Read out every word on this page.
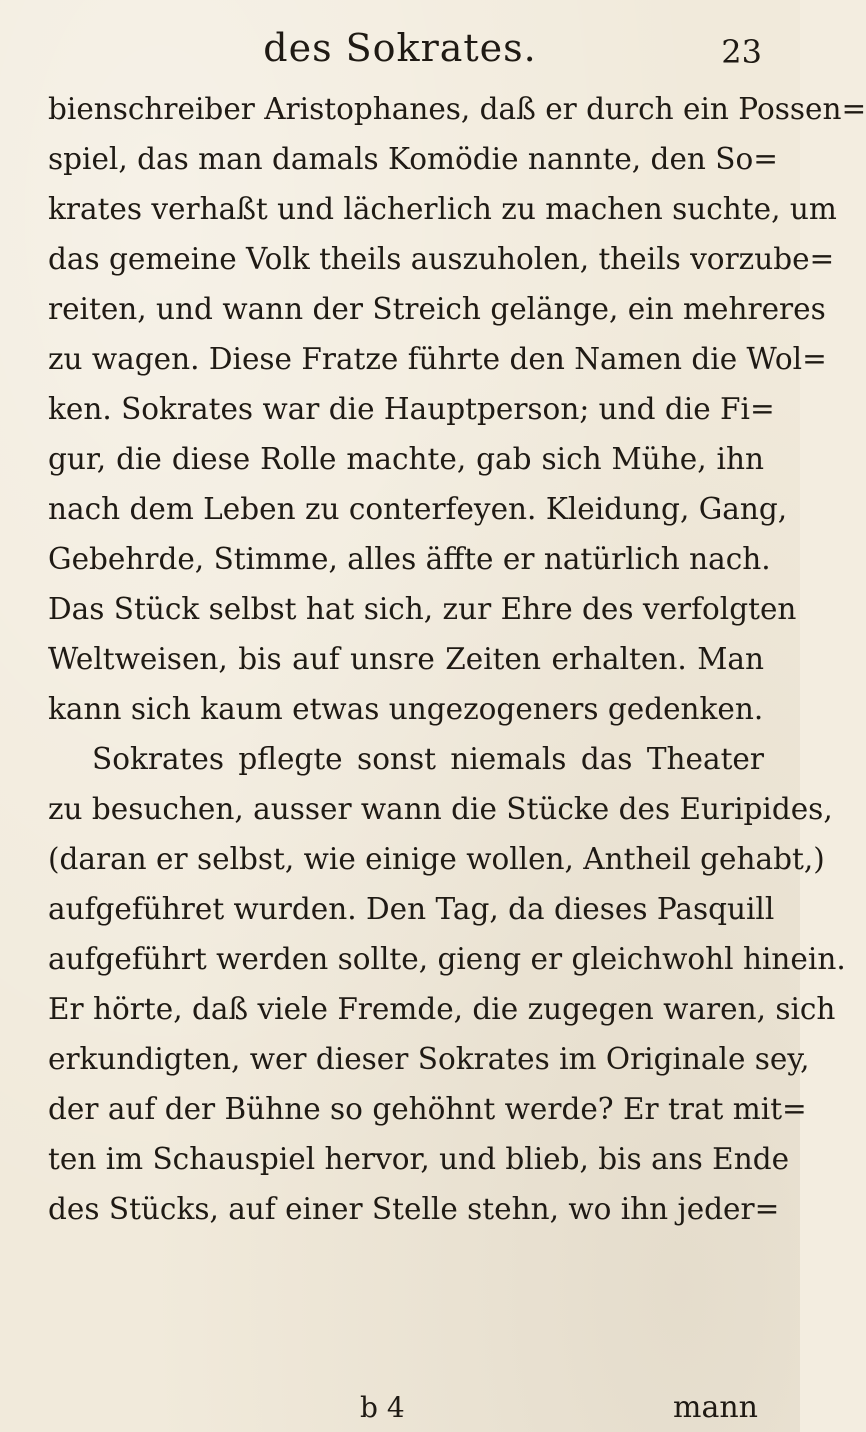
des Sokrates.	23
bienschreiber Aristophanes, daß er durch ein Possen=
spiel, das man damals Komödie nannte, den So=
krates verhaßt und lächerlich zu machen suchte, um
das gemeine Volk theils auszuholen, theils vorzube=
reiten, und wann der Streich gelänge, ein mehreres
zu wagen. Diese Fratze führte den Namen die Wol=
ken. Sokrates war die Hauptperson; und die Fi=
gur, die diese Rolle machte, gab sich Mühe, ihn
nach dem Leben zu conterfeyen. Kleidung, Gang,
Gebehrde, Stimme, alles äffte er natürlich nach.
Das Stück selbst hat sich, zur Ehre des verfolgten
Weltweisen, bis auf unsre Zeiten erhalten. Man
kann sich kaum etwas ungezogeners gedenken.
Sokrates pflegte sonst niemals das Theater
zu besuchen, ausser wann die Stücke des Euripides,
(daran er selbst, wie einige wollen, Antheil gehabt,)
aufgeführet wurden. Den Tag, da dieses Pasquill
aufgeführt werden sollte, gieng er gleichwohl hinein.
Er hörte, daß viele Fremde, die zugegen waren, sich
erkundigten, wer dieser Sokrates im Originale sey,
der auf der Bühne so gehöhnt werde? Er trat mit=
ten im Schauspiel hervor, und blieb, bis ans Ende
des Stücks, auf einer Stelle stehn, wo ihn jeder=
b 4	mann
